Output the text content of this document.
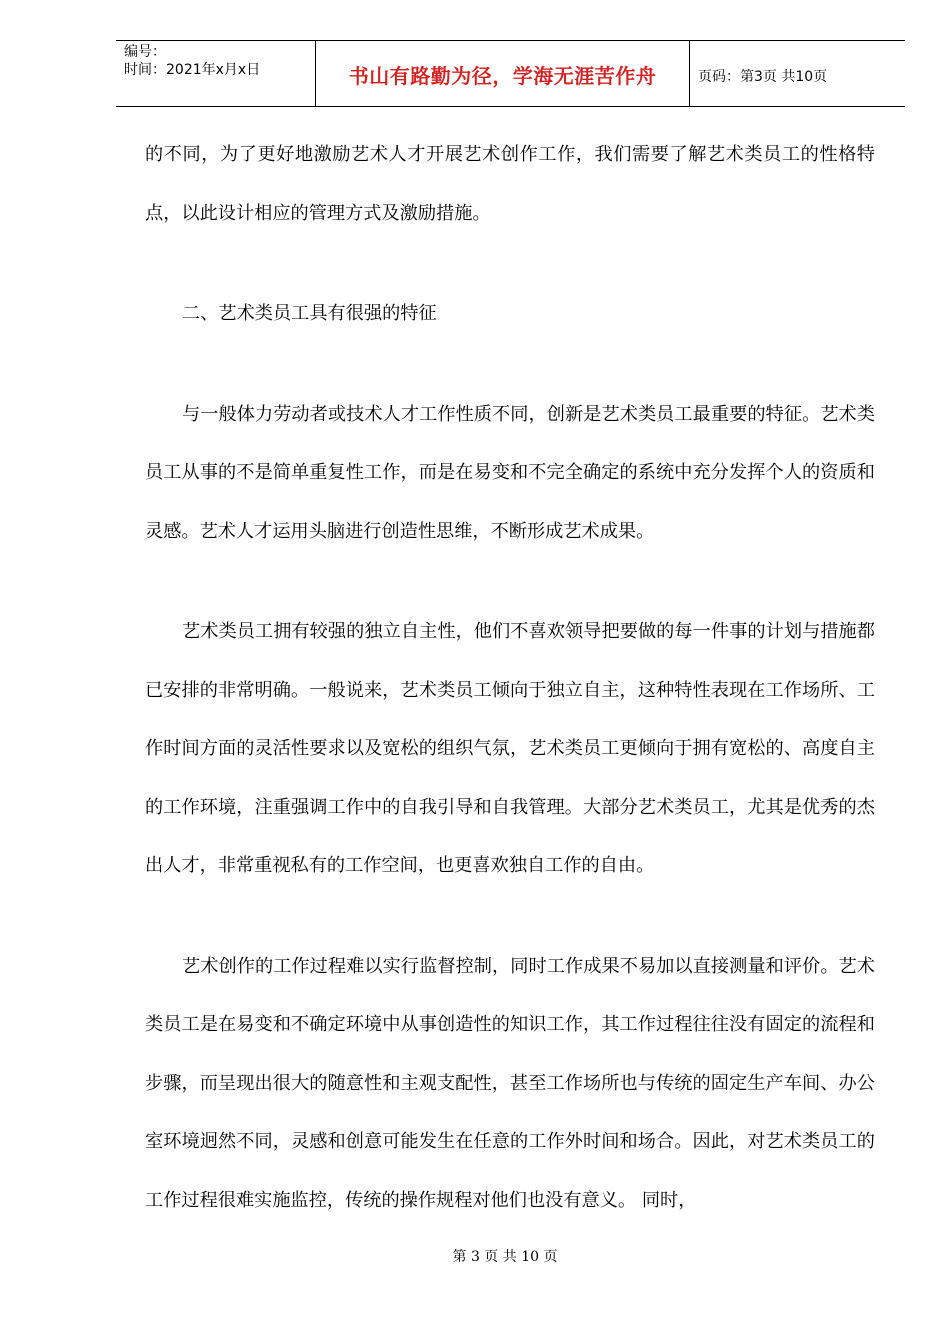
编号：
时间：2021年x月x日	书山有路勤为径，学海无涯苦作舟	页码：第3页 共10页

的不同，为了更好地激励艺术人才开展艺术创作工作，我们需要了解艺术类员工的性格特点，以此设计相应的管理方式及激励措施。

二、艺术类员工具有很强的特征

与一般体力劳动者或技术人才工作性质不同，创新是艺术类员工最重要的特征。艺术类员工从事的不是简单重复性工作，而是在易变和不完全确定的系统中充分发挥个人的资质和灵感。艺术人才运用头脑进行创造性思维，不断形成艺术成果。

艺术类员工拥有较强的独立自主性，他们不喜欢领导把要做的每一件事的计划与措施都已安排的非常明确。一般说来，艺术类员工倾向于独立自主，这种特性表现在工作场所、工作时间方面的灵活性要求以及宽松的组织气氛，艺术类员工更倾向于拥有宽松的、高度自主的工作环境，注重强调工作中的自我引导和自我管理。大部分艺术类员工，尤其是优秀的杰出人才，非常重视私有的工作空间，也更喜欢独自工作的自由。

艺术创作的工作过程难以实行监督控制，同时工作成果不易加以直接测量和评价。艺术类员工是在易变和不确定环境中从事创造性的知识工作，其工作过程往往没有固定的流程和步骤，而呈现出很大的随意性和主观支配性，甚至工作场所也与传统的固定生产车间、办公室环境迥然不同，灵感和创意可能发生在任意的工作外时间和场合。因此，对艺术类员工的工作过程很难实施监控，传统的操作规程对他们也没有意义。 同时，

第 3 页 共 10 页
